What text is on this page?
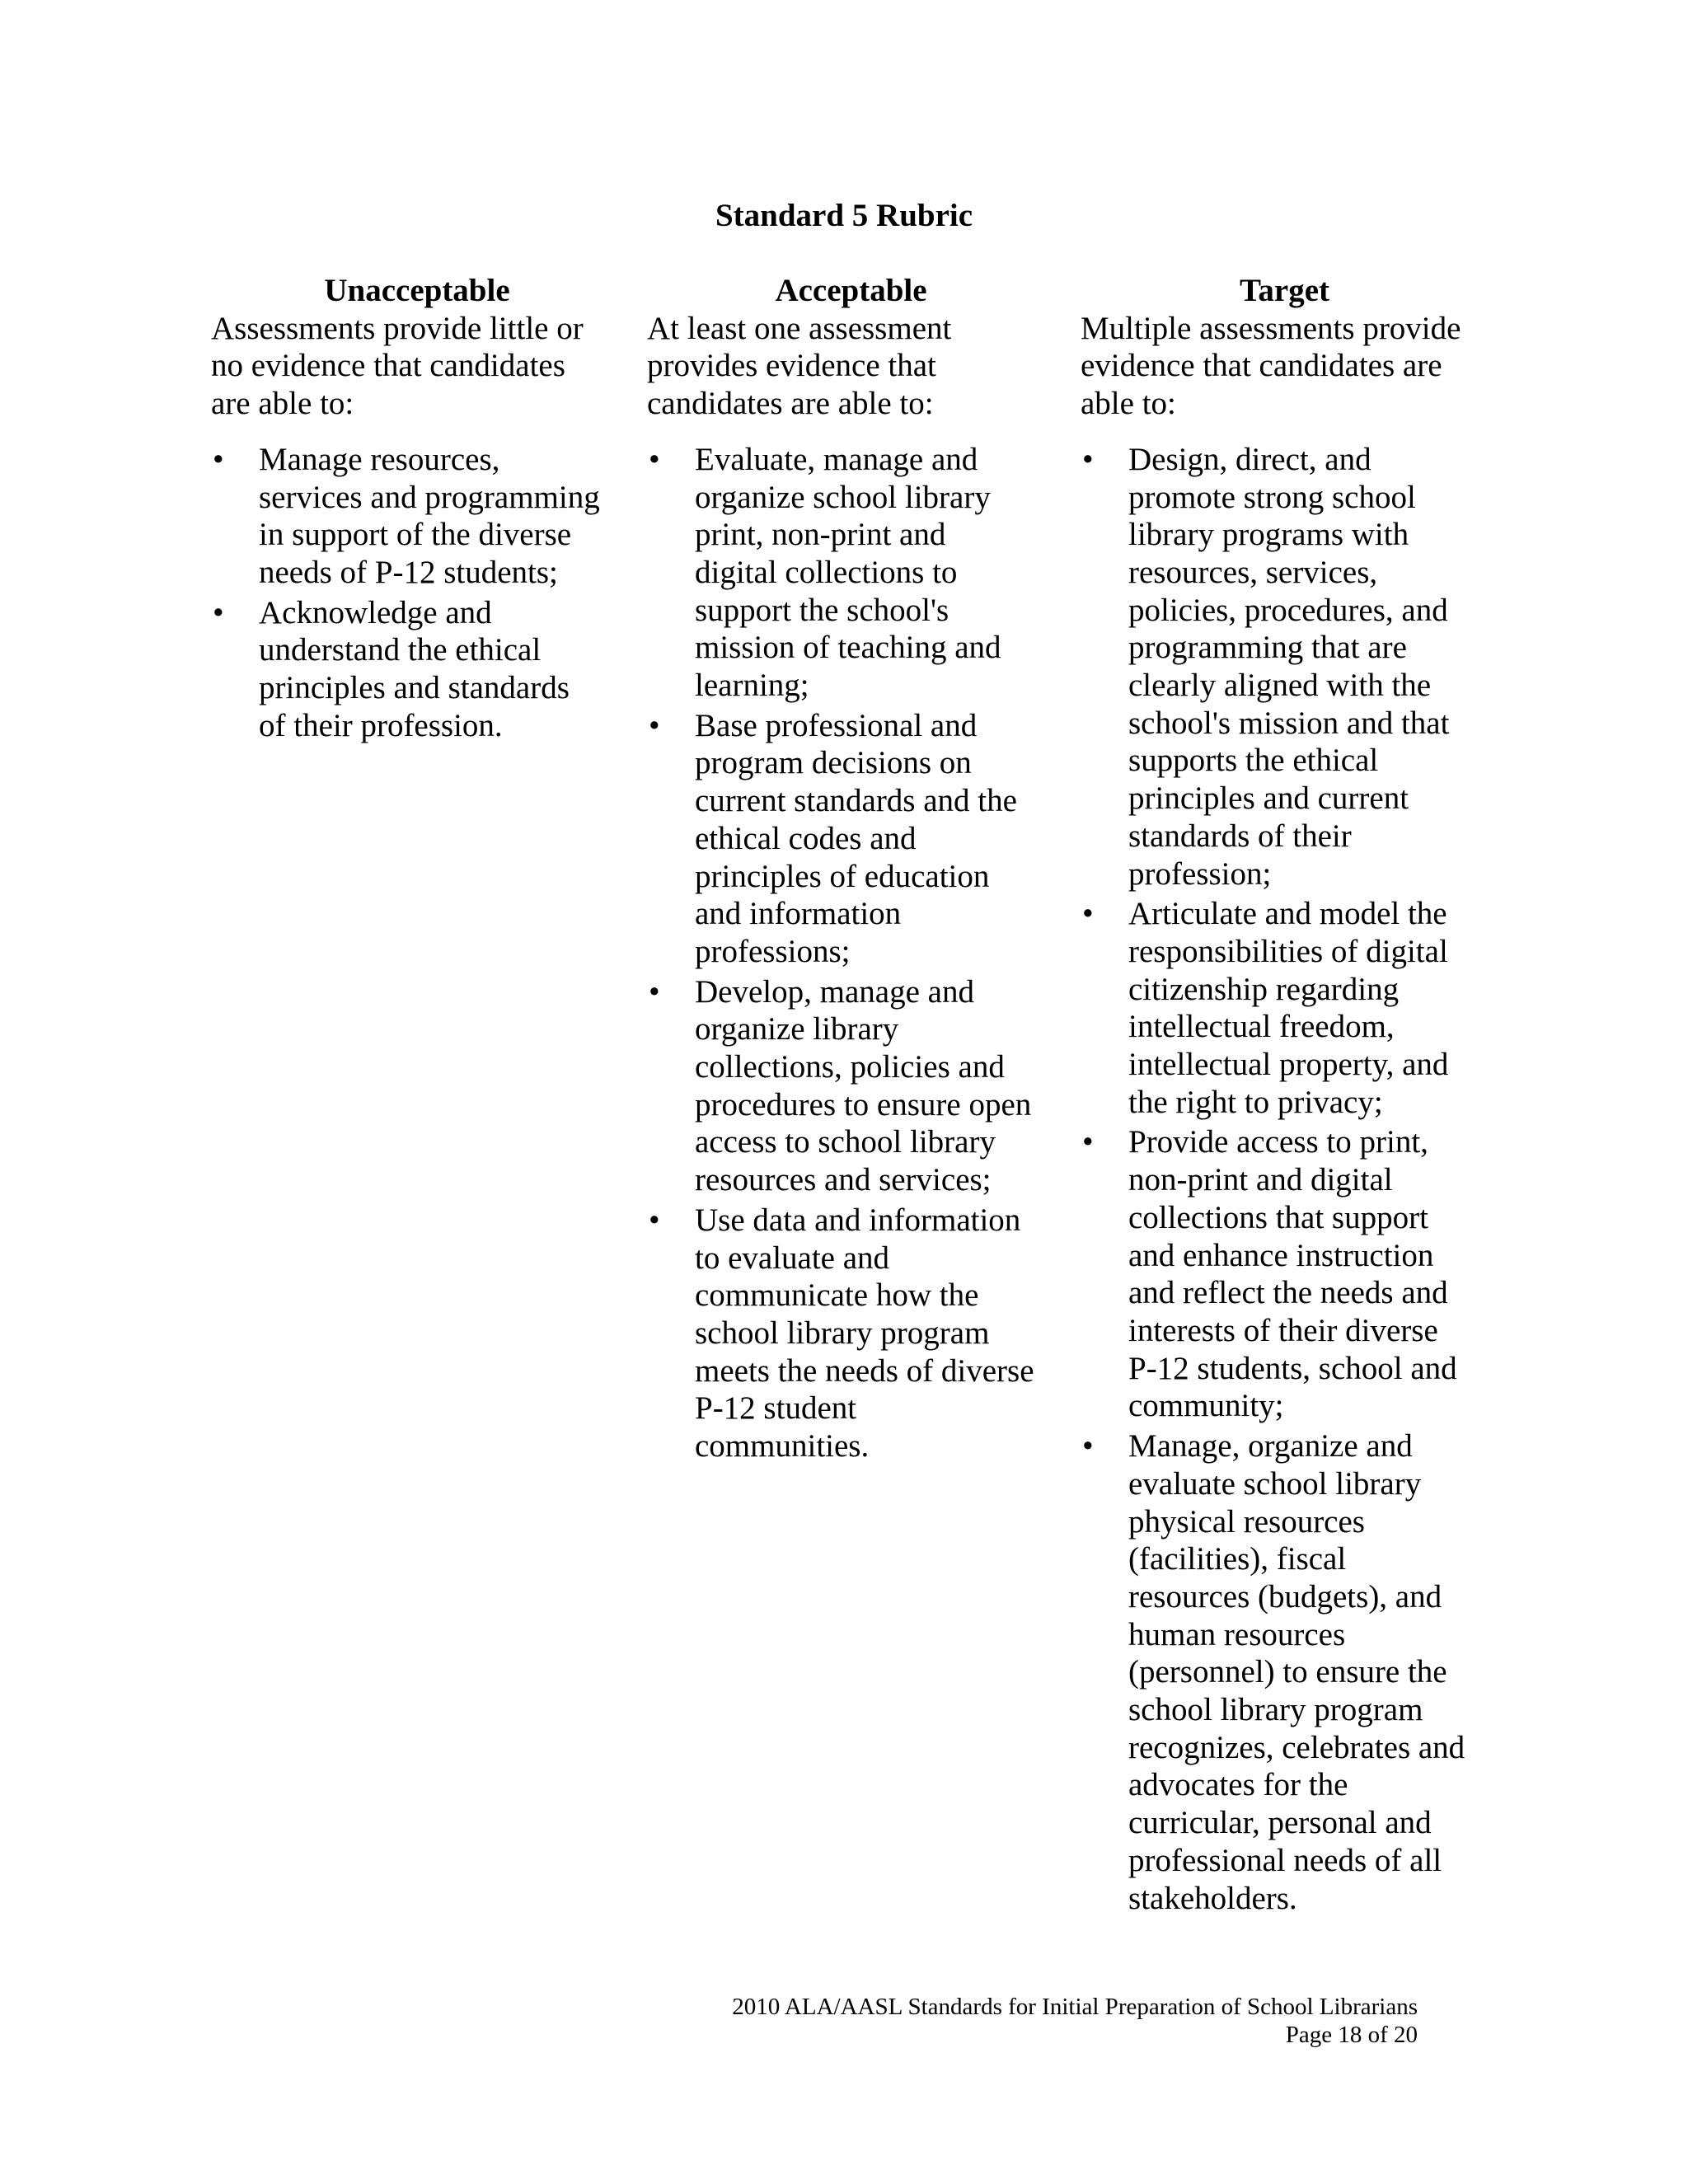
Standard 5 Rubric

Unacceptable

Assessments provide little or
no evidence that candidates
are able to:

• Manage resources,
services and programming
in support of the diverse
needs of P-12 students;
• Acknowledge and
understand the ethical
principles and standards
of their profession.

Acceptable

At least one assessment
provides evidence that
candidates are able to:

• Evaluate, manage and
organize school library
print, non-print and
digital collections to
support the school's
mission of teaching and
learning;
• Base professional and
program decisions on
current standards and the
ethical codes and
principles of education
and information
professions;
• Develop, manage and
organize library
collections, policies and
procedures to ensure open
access to school library
resources and services;
• Use data and information
to evaluate and
communicate how the
school library program
meets the needs of diverse
P-12 student
communities.

Target

Multiple assessments provide
evidence that candidates are
able to:

• Design, direct, and
promote strong school
library programs with
resources, services,
policies, procedures, and
programming that are
clearly aligned with the
school's mission and that
supports the ethical
principles and current
standards of their
profession;
• Articulate and model the
responsibilities of digital
citizenship regarding
intellectual freedom,
intellectual property, and
the right to privacy;
• Provide access to print,
non-print and digital
collections that support
and enhance instruction
and reflect the needs and
interests of their diverse
P-12 students, school and
community;
• Manage, organize and
evaluate school library
physical resources
(facilities), fiscal
resources (budgets), and
human resources
(personnel) to ensure the
school library program
recognizes, celebrates and
advocates for the
curricular, personal and
professional needs of all
stakeholders.
2010 ALA/AASL Standards for Initial Preparation of School Librarians
Page 18 of 20
